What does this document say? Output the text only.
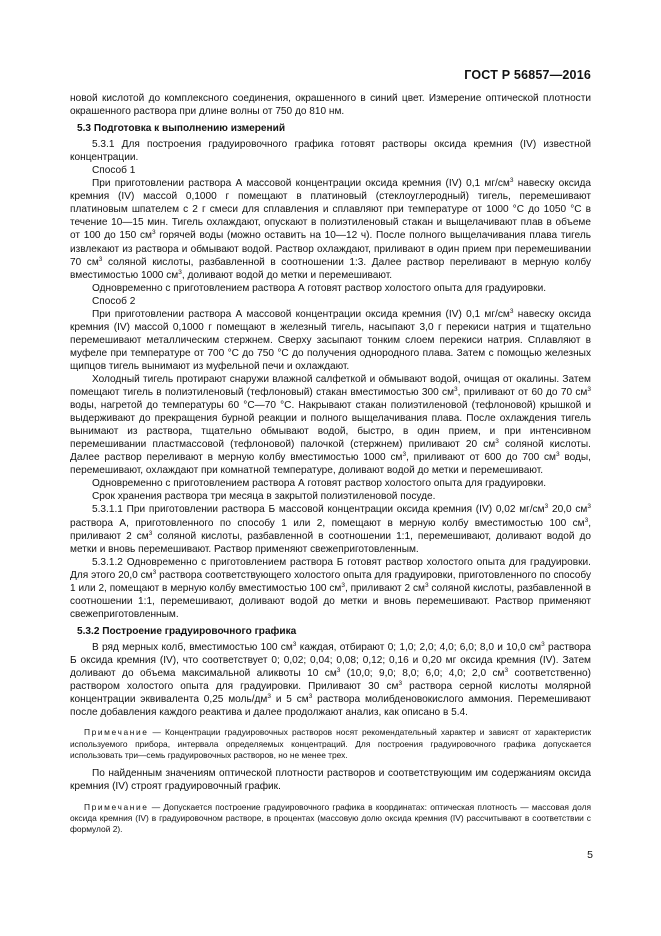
ГОСТ Р 56857—2016

новой кислотой до комплексного соединения, окрашенного в синий цвет. Измерение оптической плотности окрашенного раствора при длине волны от 750 до 810 нм.

5.3 Подготовка к выполнению измерений

5.3.1 Для построения градуировочного графика готовят растворы оксида кремния (IV) известной концентрации.

Способ 1

При приготовлении раствора А массовой концентрации оксида кремния (IV) 0,1 $мг/см^3$ навеску оксида кремния (IV) массой 0,1000 г помещают в платиновый (стеклоуглеродный) тигель, перемешивают платиновым шпателем с 2 г смеси для сплавления и сплавляют при температуре от 1000 °С до 1050 °С в течение 10—15 мин. Тигель охлаждают, опускают в полиэтиленовый стакан и выщелачивают плав в объеме от 100 до 150 $см^3$ горячей воды (можно оставить на 10—12 ч). После полного выщелачивания плава тигель извлекают из раствора и обмывают водой. Раствор охлаждают, приливают в один прием при перемешивании 70 $см^3$ соляной кислоты, разбавленной в соотношении 1:3. Далее раствор переливают в мерную колбу вместимостью 1000 $см^3$, доливают водой до метки и перемешивают.

Одновременно с приготовлением раствора А готовят раствор холостого опыта для градуировки.

Способ 2

При приготовлении раствора А массовой концентрации оксида кремния (IV) 0,1 $мг/см^3$ навеску оксида кремния (IV) массой 0,1000 г помещают в железный тигель, насыпают 3,0 г перекиси натрия и тщательно перемешивают металлическим стержнем. Сверху засыпают тонким слоем перекиси натрия. Сплавляют в муфеле при температуре от 700 °С до 750 °С до получения однородного плава. Затем с помощью железных щипцов тигель вынимают из муфельной печи и охлаждают.

Холодный тигель протирают снаружи влажной салфеткой и обмывают водой, очищая от окалины. Затем помещают тигель в полиэтиленовый (тефлоновый) стакан вместимостью 300 $см^3$, приливают от 60 до 70 $см^3$ воды, нагретой до температуры 60 °С—70 °С. Накрывают стакан полиэтиленовой (тефлоновой) крышкой и выдерживают до прекращения бурной реакции и полного выщелачивания плава. После охлаждения тигель вынимают из раствора, тщательно обмывают водой, быстро, в один прием, и при интенсивном перемешивании пластмассовой (тефлоновой) палочкой (стержнем) приливают 20 $см^3$ соляной кислоты. Далее раствор переливают в мерную колбу вместимостью 1000 $см^3$, приливают от 600 до 700 $см^3$ воды, перемешивают, охлаждают при комнатной температуре, доливают водой до метки и перемешивают.

Одновременно с приготовлением раствора А готовят раствор холостого опыта для градуировки.

Срок хранения раствора три месяца в закрытой полиэтиленовой посуде.

5.3.1.1 При приготовлении раствора Б массовой концентрации оксида кремния (IV) 0,02 $мг/см^3$ 20,0 $см^3$ раствора А, приготовленного по способу 1 или 2, помещают в мерную колбу вместимостью 100 $см^3$, приливают 2 $см^3$ соляной кислоты, разбавленной в соотношении 1:1, перемешивают, доливают водой до метки и вновь перемешивают. Раствор применяют свежеприготовленным.

5.3.1.2 Одновременно с приготовлением раствора Б готовят раствор холостого опыта для градуировки. Для этого 20,0 $см^3$ раствора соответствующего холостого опыта для градуировки, приготовленного по способу 1 или 2, помещают в мерную колбу вместимостью 100 $см^3$, приливают 2 $см^3$ соляной кислоты, разбавленной в соотношении 1:1, перемешивают, доливают водой до метки и вновь перемешивают. Раствор применяют свежеприготовленным.

5.3.2 Построение градуировочного графика

В ряд мерных колб, вместимостью 100 $см^3$ каждая, отбирают 0; 1,0; 2,0; 4,0; 6,0; 8,0 и 10,0 $см^3$ раствора Б оксида кремния (IV), что соответствует 0; 0,02; 0,04; 0,08; 0,12; 0,16 и 0,20 мг оксида кремния (IV). Затем доливают до объема максимальной аликвоты 10 $см^3$ (10,0; 9,0; 8,0; 6,0; 4,0; 2,0 $см^3$ соответственно) раствором холостого опыта для градуировки. Приливают 30 $см^3$ раствора серной кислоты молярной концентрации эквивалента 0,25 моль/$дм^3$ и 5 $см^3$ раствора молибденовокислого аммония. Перемешивают после добавления каждого реактива и далее продолжают анализ, как описано в 5.4.

Примечание — Концентрации градуировочных растворов носят рекомендательный характер и зависят от характеристик используемого прибора, интервала определяемых концентраций. Для построения градуировочного графика допускается использовать три—семь градуировочных растворов, но не менее трех.

По найденным значениям оптической плотности растворов и соответствующим им содержаниям оксида кремния (IV) строят градуировочный график.

Примечание — Допускается построение градуировочного графика в координатах: оптическая плотность — массовая доля оксида кремния (IV) в градуировочном растворе, в процентах (массовую долю оксида кремния (IV) рассчитывают в соответствии с формулой 2).

5
